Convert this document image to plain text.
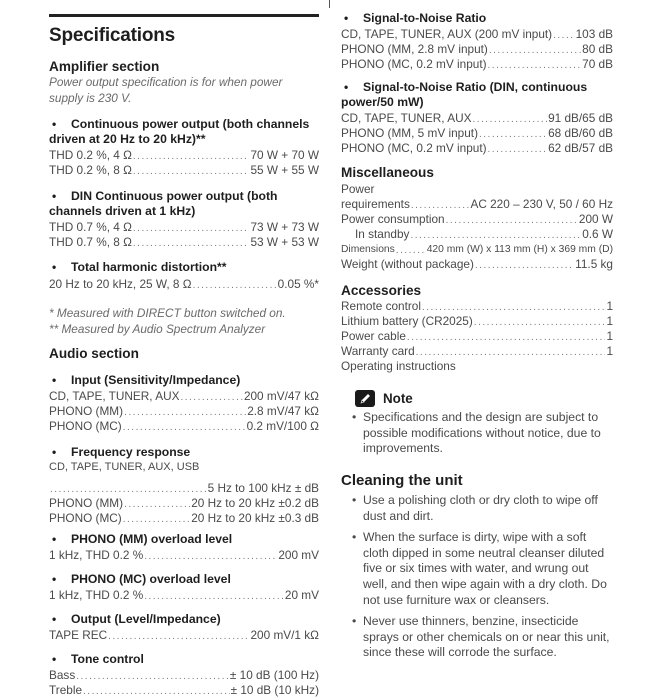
Specifications
Amplifier section
Power output specification is for when power supply is 230 V.
• Continuous power output (both channels driven at 20 Hz to 20 kHz)**
THD 0.2 %, 4 Ω .....	70 W + 70 W
THD 0.2 %, 8 Ω .....	55 W + 55 W
• DIN Continuous power output (both channels driven at 1 kHz)
THD 0.7 %, 4 Ω .....	73 W + 73 W
THD 0.7 %, 8 Ω .....	53 W + 53 W
• Total harmonic distortion**
20 Hz to 20 kHz, 25 W, 8 Ω .....	0.05 %*
* Measured with DIRECT button switched on.
** Measured by Audio Spectrum Analyzer
Audio section
• Input (Sensitivity/Impedance)
CD, TAPE, TUNER, AUX .....	200 mV/47 kΩ
PHONO (MM) .....	2.8 mV/47 kΩ
PHONO (MC) .....	0.2 mV/100 Ω
• Frequency response
CD, TAPE, TUNER, AUX, USB
.....
5 Hz to 100 kHz ± dB
PHONO (MM) .....	20 Hz to 20 kHz ±0.2 dB
PHONO (MC) .....	20 Hz to 20 kHz ±0.3 dB
• PHONO (MM) overload level
1 kHz, THD 0.2 % .....	200 mV
• PHONO (MC) overload level
1 kHz, THD 0.2 % .....	20 mV
• Output (Level/Impedance)
TAPE REC .....	200 mV/1 kΩ
• Tone control
Bass .....	± 10 dB (100 Hz)
Treble .....	± 10 dB (10 kHz)
• Signal-to-Noise Ratio
CD, TAPE, TUNER, AUX (200 mV input) ..... 103 dB
PHONO (MM, 2.8 mV input) .....	80 dB
PHONO (MC, 0.2 mV input) .....	70 dB
• Signal-to-Noise Ratio (DIN, continuous power/50 mW)
CD, TAPE, TUNER, AUX .....	91 dB/65 dB
PHONO (MM, 5 mV input) .....	68 dB/60 dB
PHONO (MC, 0.2 mV input) .....	62 dB/57 dB
Miscellaneous
Power
requirements .....	AC 220 – 230 V, 50 / 60 Hz
Power consumption .....	200 W
In standby .....	0.6 W
Dimensions .....	420 mm (W) x 113 mm (H) x 369 mm (D)
Weight (without package) .....	11.5 kg
Accessories
Remote control .....	1
Lithium battery (CR2025) .....	1
Power cable .....	1
Warranty card .....	1
Operating instructions
Note
• Specifications and the design are subject to possible modifications without notice, due to improvements.
Cleaning the unit
• Use a polishing cloth or dry cloth to wipe off dust and dirt.
• When the surface is dirty, wipe with a soft cloth dipped in some neutral cleanser diluted five or six times with water, and wrung out well, and then wipe again with a dry cloth. Do not use furniture wax or cleansers.
• Never use thinners, benzine, insecticide sprays or other chemicals on or near this unit, since these will corrode the surface.
